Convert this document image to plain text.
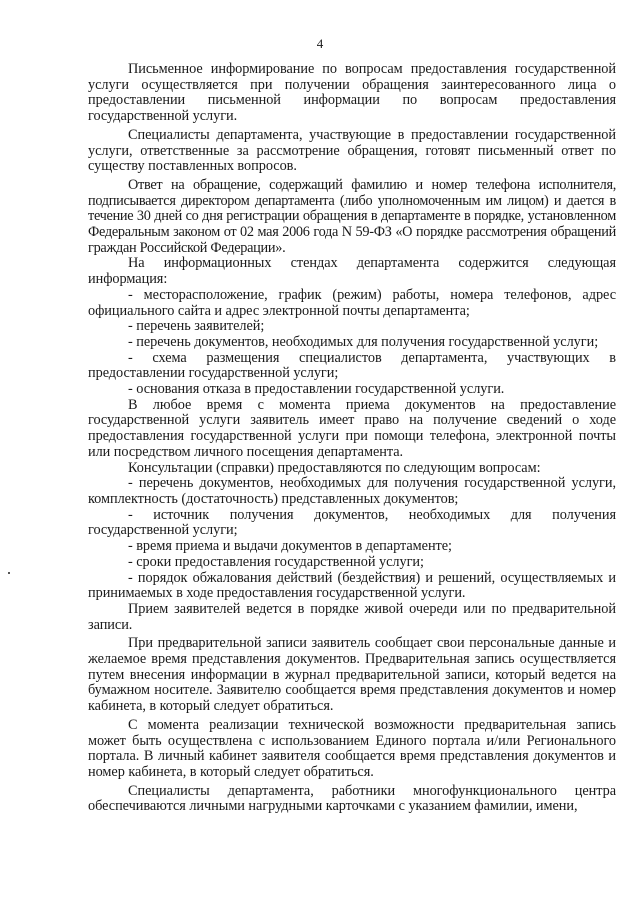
4

Письменное информирование по вопросам предоставления государственной услуги осуществляется при получении обращения заинтересованного лица о предоставлении письменной информации по вопросам предоставления государственной услуги.

Специалисты департамента, участвующие в предоставлении государственной услуги, ответственные за рассмотрение обращения, готовят письменный ответ по существу поставленных вопросов.

Ответ на обращение, содержащий фамилию и номер телефона исполнителя, подписывается директором департамента (либо уполномоченным им лицом) и дается в течение 30 дней со дня регистрации обращения в департаменте в порядке, установленном Федеральным законом от 02 мая 2006 года N 59-ФЗ «О порядке рассмотрения обращений граждан Российской Федерации».

На информационных стендах департамента содержится следующая информация:

- месторасположение, график (режим) работы, номера телефонов, адрес официального сайта и адрес электронной почты департамента;

- перечень заявителей;

- перечень документов, необходимых для получения государственной услуги;

- схема размещения специалистов департамента, участвующих в предоставлении государственной услуги;

- основания отказа в предоставлении государственной услуги.

В любое время с момента приема документов на предоставление государственной услуги заявитель имеет право на получение сведений о ходе предоставления государственной услуги при помощи телефона, электронной почты или посредством личного посещения департамента.

Консультации (справки) предоставляются по следующим вопросам:

- перечень документов, необходимых для получения государственной услуги, комплектность (достаточность) представленных документов;

- источник получения документов, необходимых для получения государственной услуги;

- время приема и выдачи документов в департаменте;

- сроки предоставления государственной услуги;

- порядок обжалования действий (бездействия) и решений, осуществляемых и принимаемых в ходе предоставления государственной услуги.

Прием заявителей ведется в порядке живой очереди или по предварительной записи.

При предварительной записи заявитель сообщает свои персональные данные и желаемое время представления документов. Предварительная запись осуществляется путем внесения информации в журнал предварительной записи, который ведется на бумажном носителе. Заявителю сообщается время представления документов и номер кабинета, в который следует обратиться.

С момента реализации технической возможности предварительная запись может быть осуществлена с использованием Единого портала и/или Регионального портала. В личный кабинет заявителя сообщается время представления документов и номер кабинета, в который следует обратиться.

Специалисты департамента, работники многофункционального центра обеспечиваются личными нагрудными карточками с указанием фамилии, имени,
